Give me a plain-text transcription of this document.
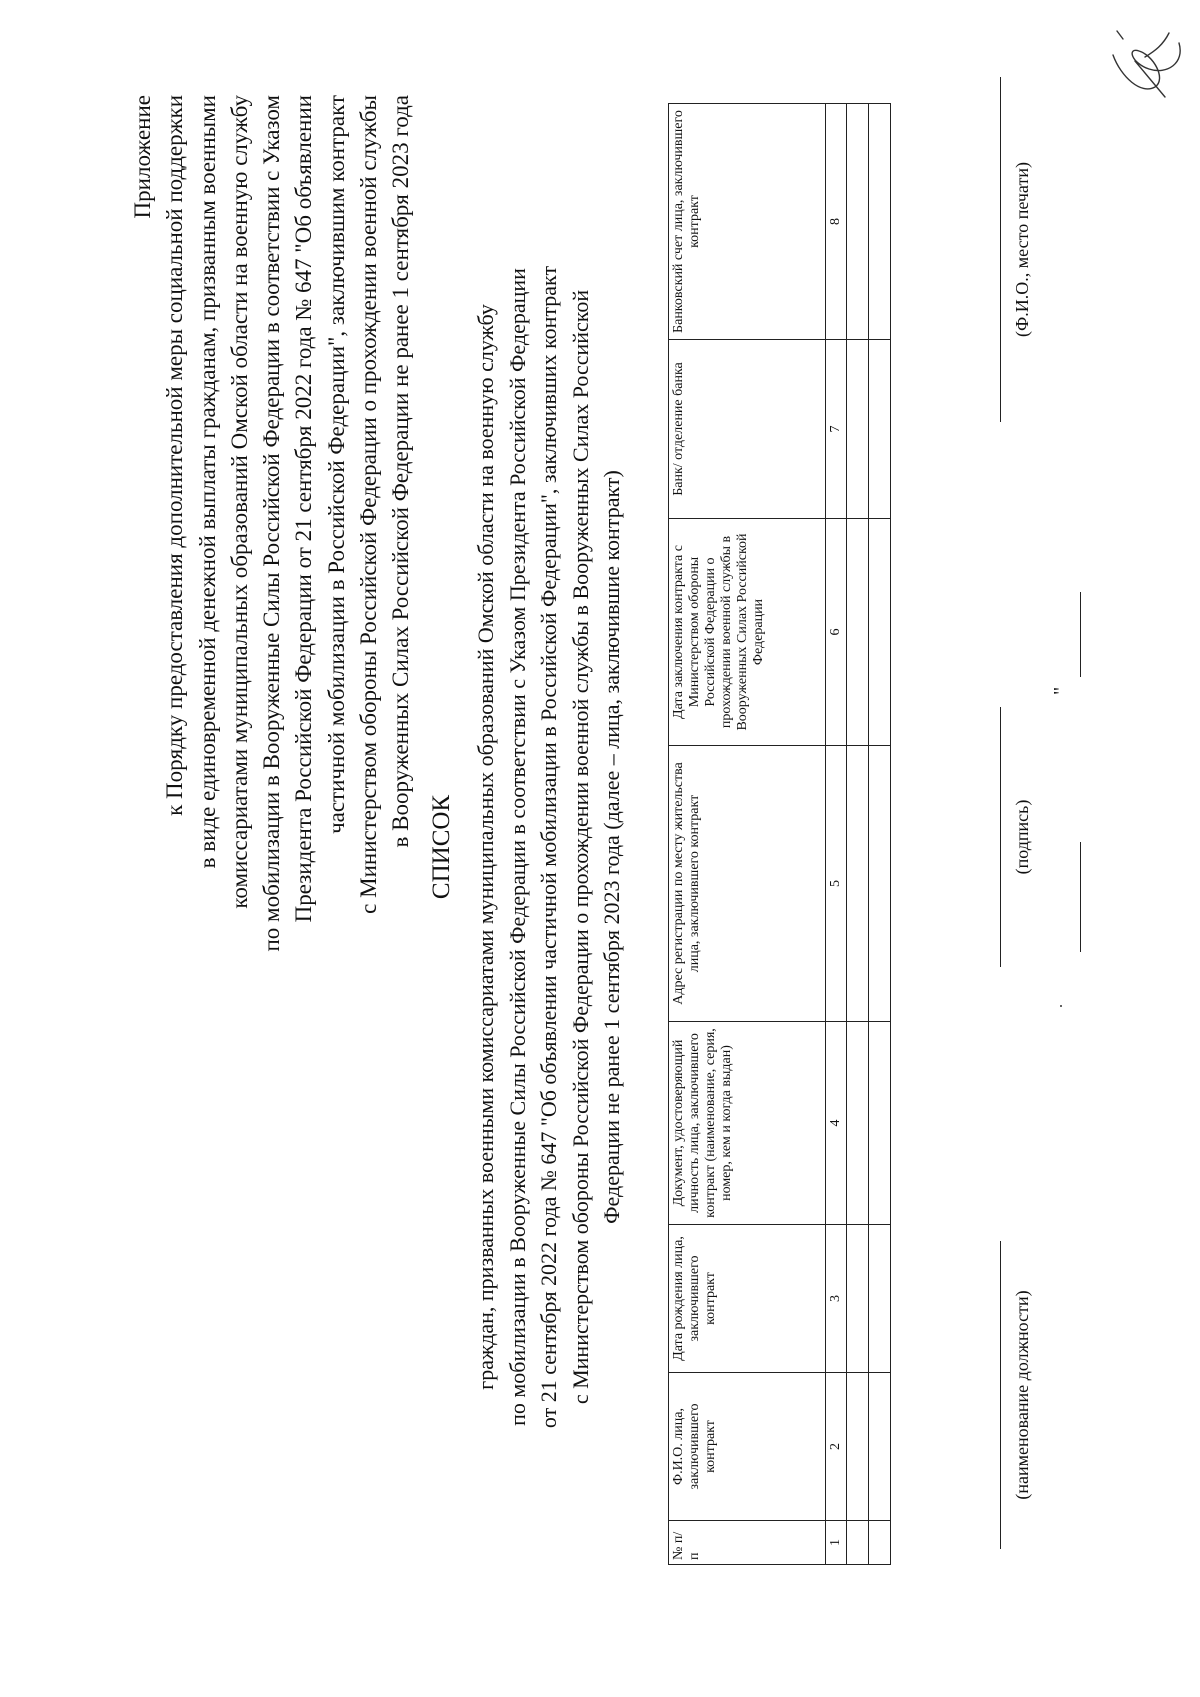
Приложение к Порядку предоставления дополнительной меры социальной поддержки в виде единовременной денежной выплаты гражданам, призванным военными комиссариатами муниципальных образований Омской области на военную службу по мобилизации в Вооруженные Силы Российской Федерации в соответствии с Указом Президента Российской Федерации от 21 сентября 2022 года № 647 "Об объявлении частичной мобилизации в Российской Федерации", заключившим контракт с Министерством обороны Российской Федерации о прохождении военной службы в Вооруженных Силах Российской Федерации не ранее 1 сентября 2023 года СПИСОК граждан, призванных военными комиссариатами муниципальных образований Омской области на военную службу по мобилизации в Вооруженные Силы Российской Федерации в соответствии с Указом Президента Российской Федерации от 21 сентября 2022 года № 647 "Об объявлении частичной мобилизации в Российской Федерации", заключивших контракт с Министерством обороны Российской Федерации о прохождении военной службы в Вооруженных Силах Российской Федерации не ранее 1 сентября 2023 года (далее – лица, заключившие контракт)
№ п/п	Ф.И.О. лица, заключившего контракт	Дата рождения лица, заключившего контракт	Документ, удостоверяющий личность лица, заключившего контракт (наименование, серия, номер, кем и когда выдан)	Адрес регистрации по месту жительства лица, заключившего контракт	Дата заключения контракта с Министерством обороны Российской Федерации о прохождении военной службы в Вооруженных Силах Российской Федерации	Банк/ отделение банка	Банковский счет лица, заключившего контракт
1	2	3	4	5	6	7	8

(наименование должности)
(подпись)
(Ф.И.О., место печати)
"
